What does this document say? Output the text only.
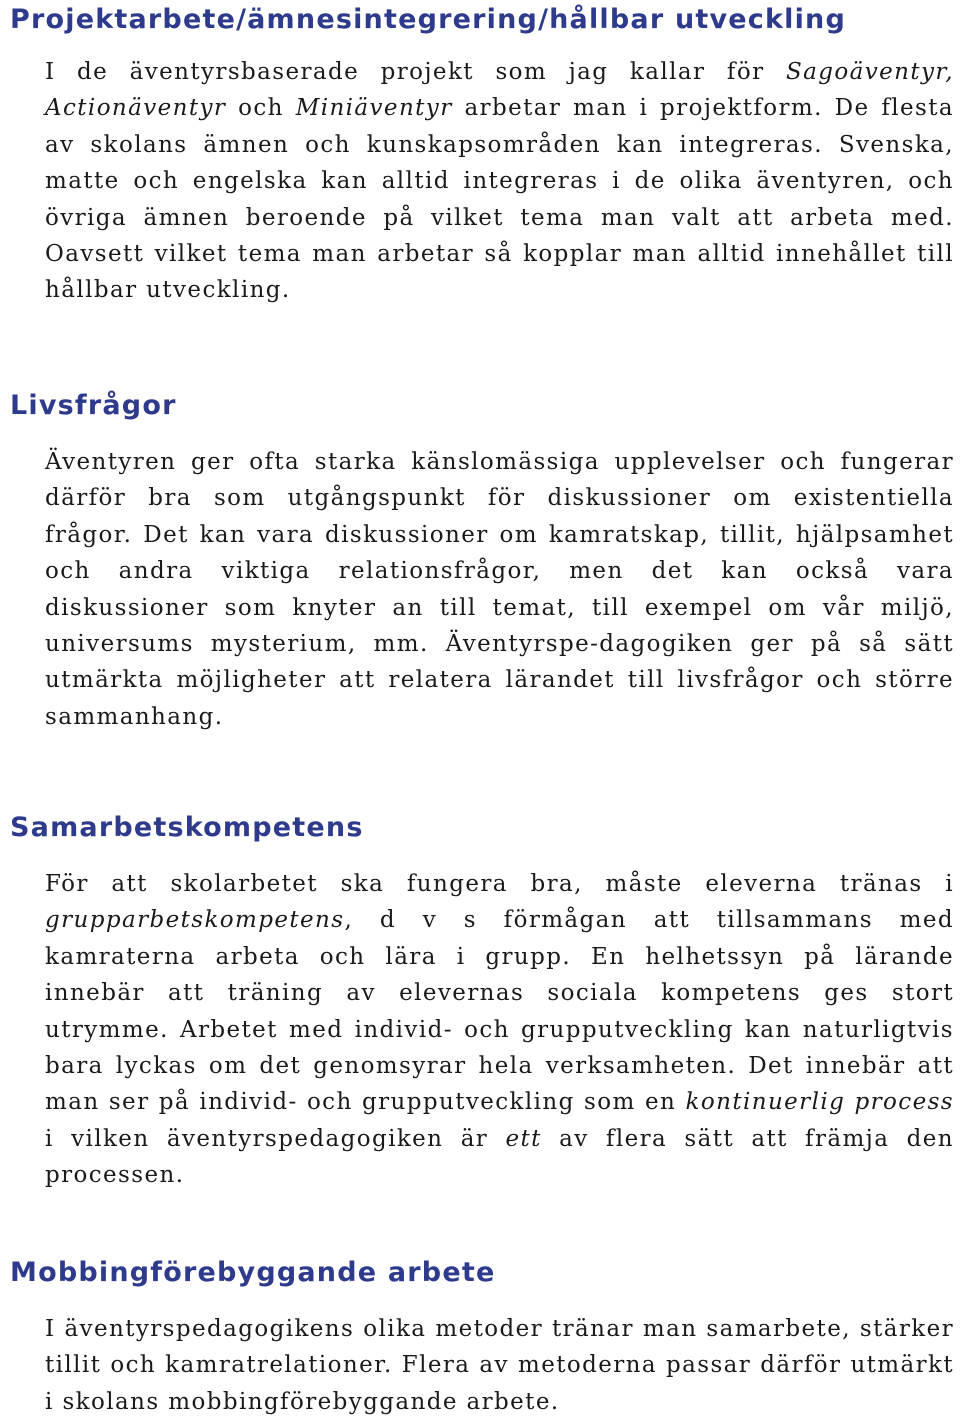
Projektarbete/ämnesintegrering/hållbar utveckling

I de äventyrsbaserade projekt som jag kallar för Sagoäventyr, Actionäventyr och Miniäventyr arbetar man i projektform. De flesta av skolans ämnen och kunskapsområden kan integreras. Svenska, matte och engelska kan alltid integreras i de olika äventyren, och övriga ämnen beroende på vilket tema man valt att arbeta med. Oavsett vilket tema man arbetar så kopplar man alltid innehållet till hållbar utveckling.

Livsfrågor

Äventyren ger ofta starka känslomässiga upplevelser och fungerar därför bra som utgångspunkt för diskussioner om existentiella frågor. Det kan vara diskussioner om kamratskap, tillit, hjälpsamhet och andra viktiga relationsfrågor, men det kan också vara diskussioner som knyter an till temat, till exempel om vår miljö, universums mysterium, mm. Äventyrspe-dagogiken ger på så sätt utmärkta möjligheter att relatera lärandet till livsfrågor och större sammanhang.

Samarbetskompetens

För att skolarbetet ska fungera bra, måste eleverna tränas i grupparbetskompetens, d v s förmågan att tillsammans med kamraterna arbeta och lära i grupp. En helhetssyn på lärande innebär att träning av elevernas sociala kompetens ges stort utrymme. Arbetet med individ- och grupputveckling kan naturligtvis bara lyckas om det genomsyrar hela verksamheten. Det innebär att man ser på individ- och grupputveckling som en kontinuerlig process i vilken äventyrspedagogiken är ett av flera sätt att främja den processen.

Mobbingförebyggande arbete

I äventyrspedagogikens olika metoder tränar man samarbete, stärker tillit och kamratrelationer. Flera av metoderna passar därför utmärkt i skolans mobbingförebyggande arbete.
